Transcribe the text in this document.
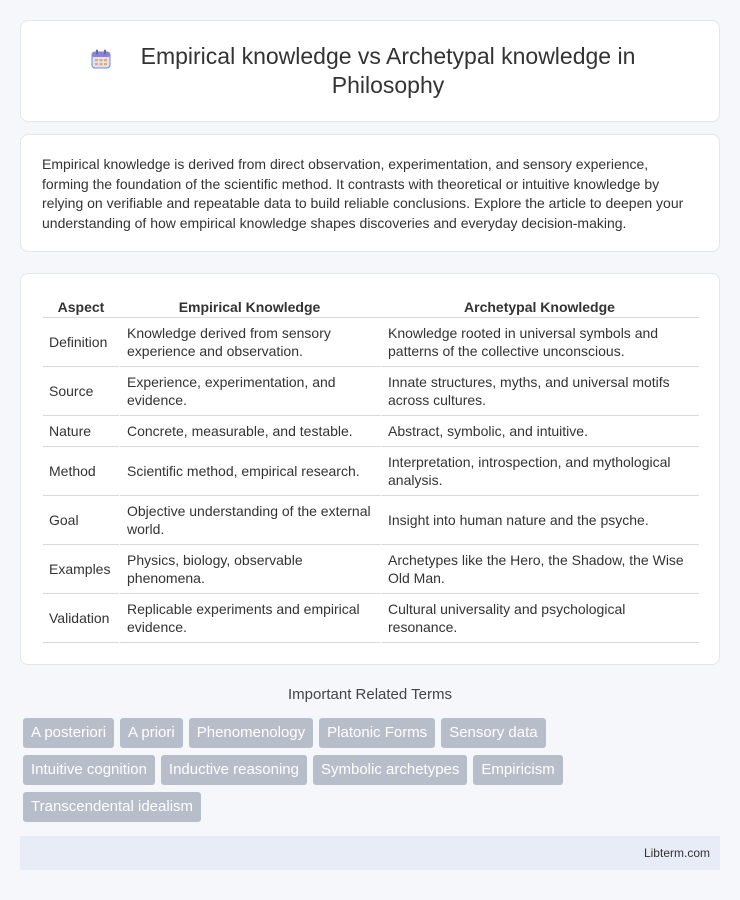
Empirical knowledge vs Archetypal knowledge in Philosophy

Empirical knowledge is derived from direct observation, experimentation, and sensory experience, forming the foundation of the scientific method. It contrasts with theoretical or intuitive knowledge by relying on verifiable and repeatable data to build reliable conclusions. Explore the article to deepen your understanding of how empirical knowledge shapes discoveries and everyday decision-making.

Aspect	Empirical Knowledge	Archetypal Knowledge
Definition	Knowledge derived from sensory experience and observation.	Knowledge rooted in universal symbols and patterns of the collective unconscious.
Source	Experience, experimentation, and evidence.	Innate structures, myths, and universal motifs across cultures.
Nature	Concrete, measurable, and testable.	Abstract, symbolic, and intuitive.
Method	Scientific method, empirical research.	Interpretation, introspection, and mythological analysis.
Goal	Objective understanding of the external world.	Insight into human nature and the psyche.
Examples	Physics, biology, observable phenomena.	Archetypes like the Hero, the Shadow, the Wise Old Man.
Validation	Replicable experiments and empirical evidence.	Cultural universality and psychological resonance.
Important Related Terms
A posteriori	A priori	Phenomenology	Platonic Forms	Sensory data
Intuitive cognition	Inductive reasoning	Symbolic archetypes	Empiricism
Transcendental idealism
Libterm.com
